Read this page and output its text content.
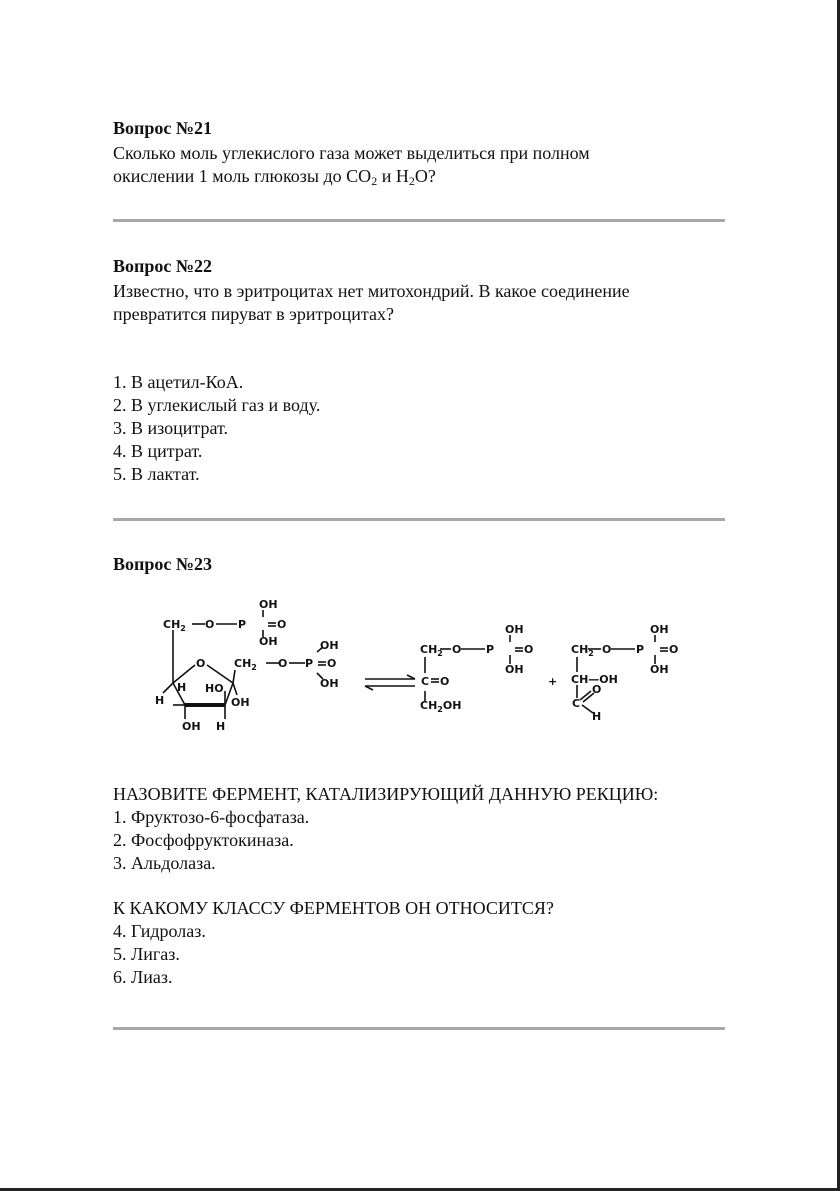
Вопрос №21

Сколько моль углекислого газа может выделиться при полном

окислении 1 моль глюкозы до $CO_2$ и $H_2O$?

Вопрос №22

Известно, что в эритроцитах нет митохондрий. В какое соединение

превратится пируват в эритроцитах?

1. В ацетил-КоА.
2. В углекислый газ и воду.
3. В изоцитрат.
4. В цитрат.
5. В лактат.

Вопрос №23

$CH_2$ O P
OH
O
OH
O	$CH_2$ O P
OH
O
OH
H HO
H	OH
OH H
$CH_2$ O P
OH
O
OH
C O
$CH_2OH$
+
$CH_2$ O P
OH
O
OH
CH—OH
C
O
H

НАЗОВИТЕ ФЕРМЕНТ, КАТАЛИЗИРУЮЩИЙ ДАННУЮ РЕКЦИЮ:

1. Фруктозо-6-фосфатаза.
2. Фосфофруктокиназа.
3. Альдолаза.

К КАКОМУ КЛАССУ ФЕРМЕНТОВ ОН ОТНОСИТСЯ?

4. Гидролаз.
5. Лигаз.
6. Лиаз.
